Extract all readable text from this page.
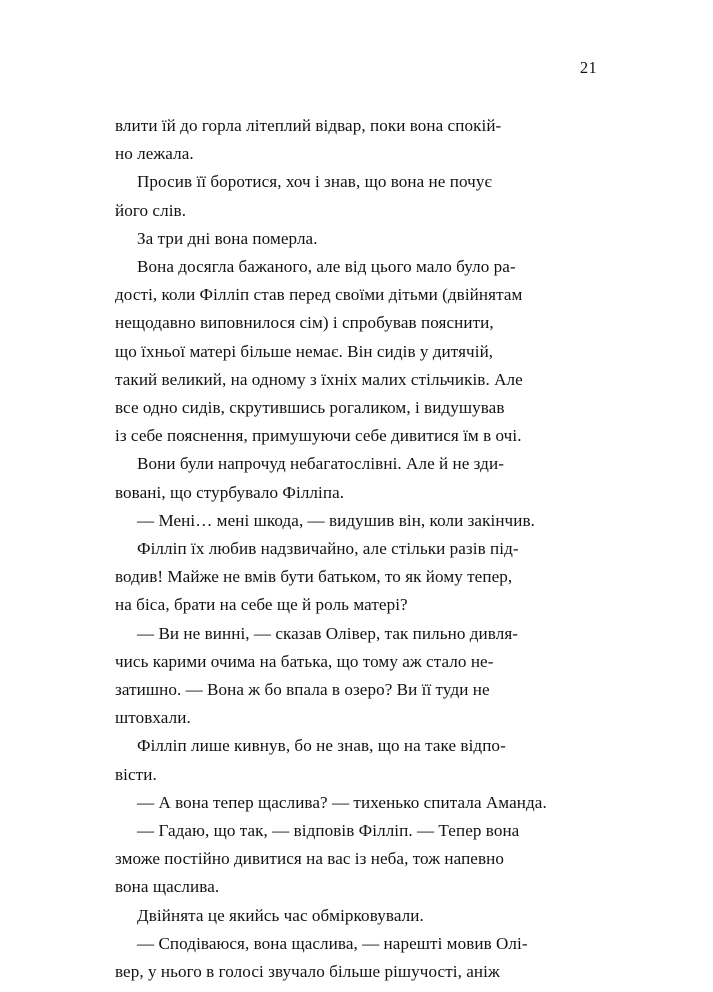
21

влити їй до горла літеплий відвар, поки вона спокій-
но лежала.

Просив її боротися, хоч і знав, що вона не почує
його слів.

За три дні вона померла.

Вона досягла бажаного, але від цього мало було ра-
дості, коли Філліп став перед своїми дітьми (двійнятам
нещодавно виповнилося сім) і спробував пояснити,
що їхньої матері більше немає. Він сидів у дитячій,
такий великий, на одному з їхніх малих стільчиків. Але
все одно сидів, скрутившись рогаликом, і видушував
із себе пояснення, примушуючи себе дивитися їм в очі.

Вони були напрочуд небагатослівні. Але й не зди-
вовані, що стурбувало Філліпа.

— Мені… мені шкода, — видушив він, коли закінчив.

Філліп їх любив надзвичайно, але стільки разів під-
водив! Майже не вмів бути батьком, то як йому тепер,
на біса, брати на себе ще й роль матері?

— Ви не винні, — сказав Олівер, так пильно дивля-
чись карими очима на батька, що тому аж стало не-
затишно. — Вона ж бо впала в озеро? Ви її туди не
штовхали.

Філліп лише кивнув, бо не знав, що на таке відпо-
вісти.

— А вона тепер щаслива? — тихенько спитала Аманда.

— Гадаю, що так, — відповів Філліп. — Тепер вона
зможе постійно дивитися на вас із неба, тож напевно
вона щаслива.

Двійнята це якийсь час обмірковували.

— Сподіваюся, вона щаслива, — нарешті мовив Олі-
вер, у нього в голосі звучало більше рішучості, аніж
